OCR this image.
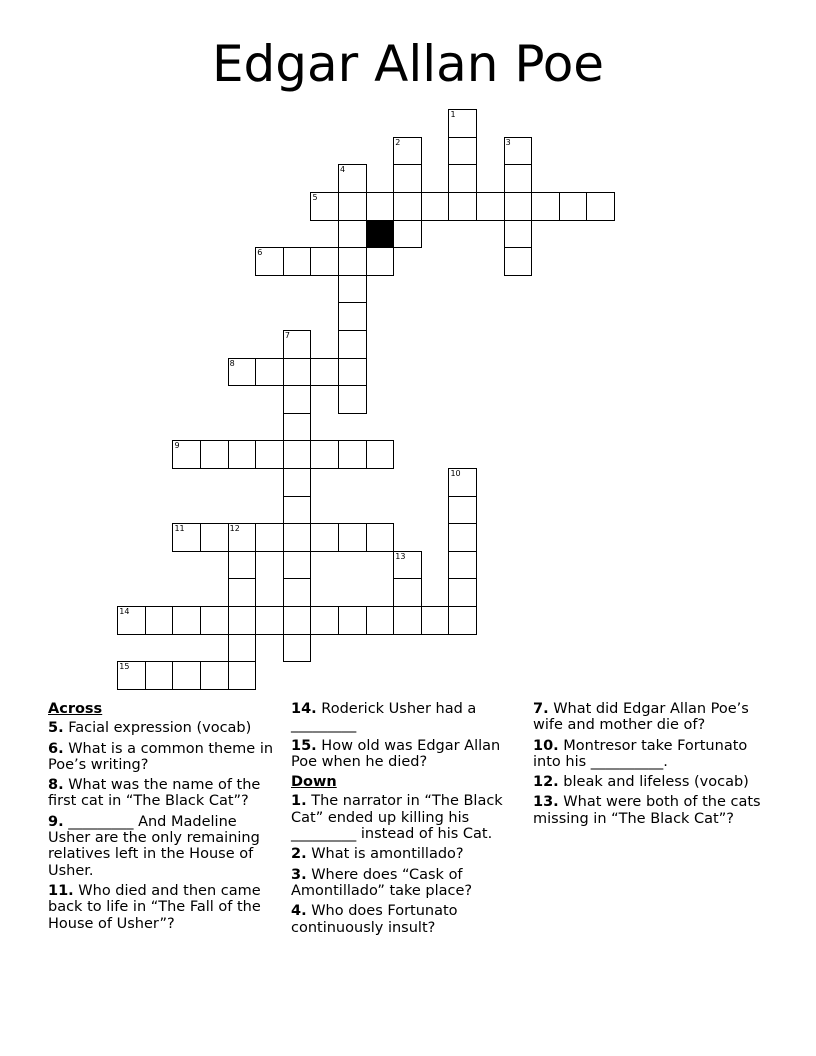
Edgar Allan Poe
1
2	3
4
5
6
7
8
9
10
11	12
13
14
15
Across
5. Facial expression (vocab)
6. What is a common theme in Poe’s writing?
8. What was the name of the first cat in “The Black Cat”?
9. _________ And Madeline Usher are the only remaining relatives left in the House of Usher.
11. Who died and then came back to life in “The Fall of the House of Usher”?
14. Roderick Usher had a _________
15. How old was Edgar Allan Poe when he died?
Down
1. The narrator in “The Black Cat” ended up killing his _________ instead of his Cat.
2. What is amontillado?
3. Where does “Cask of Amontillado” take place?
4. Who does Fortunato continuously insult?
7. What did Edgar Allan Poe’s wife and mother die of?
10. Montresor take Fortunato into his __________.
12. bleak and lifeless (vocab)
13. What were both of the cats missing in “The Black Cat”?
